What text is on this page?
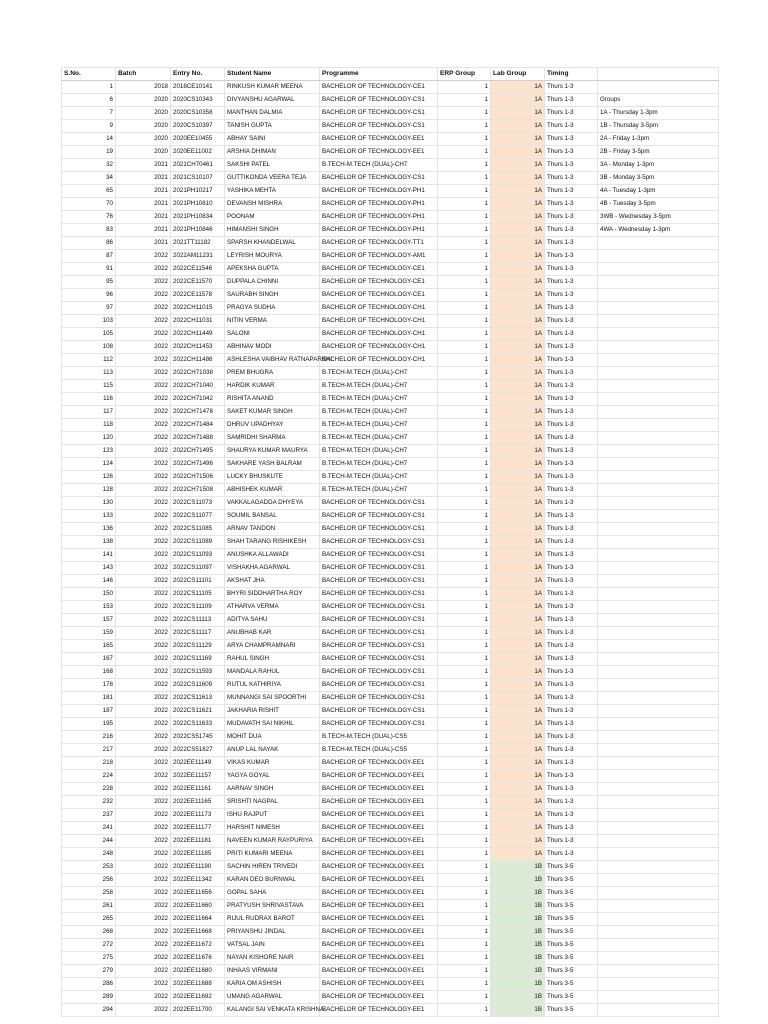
S.No.	Batch	Entry No.	Student Name	Programme	ERP Group	Lab Group	Timing	
1	2018	2018CE10141	RINKUSH KUMAR MEENA	BACHELOR OF TECHNOLOGY-CE1	1	1A	Thurs 1-3	
6	2020	2020CS10343	DIVYANSHU AGARWAL	BACHELOR OF TECHNOLOGY-CS1	1	1A	Thurs 1-3	Groups
7	2020	2020CS10358	MANTHAN DALMIA	BACHELOR OF TECHNOLOGY-CS1	1	1A	Thurs 1-3	1A - Thursday 1-3pm
9	2020	2020CS10397	TANISH GUPTA	BACHELOR OF TECHNOLOGY-CS1	1	1A	Thurs 1-3	1B - Thursday 3-5pm
14	2020	2020EE10455	ABHAY SAINI	BACHELOR OF TECHNOLOGY-EE1	1	1A	Thurs 1-3	2A - Friday 1-3pm
19	2020	2020EE11002	ARSHIA DHIMAN	BACHELOR OF TECHNOLOGY-EE1	1	1A	Thurs 1-3	2B - Friday 3-5pm
32	2021	2021CH70461	SAKSHI PATEL	B.TECH-M.TECH (DUAL)-CH7	1	1A	Thurs 1-3	3A - Monday 1-3pm
34	2021	2021CS10107	GUTTIKONDA VEERA TEJA	BACHELOR OF TECHNOLOGY-CS1	1	1A	Thurs 1-3	3B - Monday 3-5pm
65	2021	2021PH10217	YASHIKA MEHTA	BACHELOR OF TECHNOLOGY-PH1	1	1A	Thurs 1-3	4A - Tuesday 1-3pm
70	2021	2021PH10810	DEVANSH MISHRA	BACHELOR OF TECHNOLOGY-PH1	1	1A	Thurs 1-3	4B - Tuesday 3-5pm
76	2021	2021PH10834	POONAM	BACHELOR OF TECHNOLOGY-PH1	1	1A	Thurs 1-3	3WB - Wednesday 3-5pm
83	2021	2021PH10846	HIMANSHI SINGH	BACHELOR OF TECHNOLOGY-PH1	1	1A	Thurs 1-3	4WA - Wednesday 1-3pm
86	2021	2021TT11182	SPARSH KHANDELWAL	BACHELOR OF TECHNOLOGY-TT1	1	1A	Thurs 1-3	
87	2022	2022AM11231	LEYRISH MOURYA	BACHELOR OF TECHNOLOGY-AM1	1	1A	Thurs 1-3	
91	2022	2022CE11546	APEKSHA GUPTA	BACHELOR OF TECHNOLOGY-CE1	1	1A	Thurs 1-3	
95	2022	2022CE11570	DUPPALA CHINNI	BACHELOR OF TECHNOLOGY-CE1	1	1A	Thurs 1-3	
96	2022	2022CE11578	SAURABH SINGH	BACHELOR OF TECHNOLOGY-CE1	1	1A	Thurs 1-3	
97	2022	2022CH11015	PRAGYA SUDHA	BACHELOR OF TECHNOLOGY-CH1	1	1A	Thurs 1-3	
103	2022	2022CH11031	NITIN VERMA	BACHELOR OF TECHNOLOGY-CH1	1	1A	Thurs 1-3	
105	2022	2022CH11449	SALONI	BACHELOR OF TECHNOLOGY-CH1	1	1A	Thurs 1-3	
108	2022	2022CH11453	ABHINAV MODI	BACHELOR OF TECHNOLOGY-CH1	1	1A	Thurs 1-3	
112	2022	2022CH11486	ASHLESHA VAIBHAV RATNAPARKHI	BACHELOR OF TECHNOLOGY-CH1	1	1A	Thurs 1-3	
113	2022	2022CH71038	PREM BHUGRA	B.TECH-M.TECH (DUAL)-CH7	1	1A	Thurs 1-3	
115	2022	2022CH71040	HARDIK KUMAR	B.TECH-M.TECH (DUAL)-CH7	1	1A	Thurs 1-3	
116	2022	2022CH71042	RISHITA ANAND	B.TECH-M.TECH (DUAL)-CH7	1	1A	Thurs 1-3	
117	2022	2022CH71478	SAKET KUMAR SINGH	B.TECH-M.TECH (DUAL)-CH7	1	1A	Thurs 1-3	
118	2022	2022CH71484	DHRUV UPADHYAY	B.TECH-M.TECH (DUAL)-CH7	1	1A	Thurs 1-3	
120	2022	2022CH71488	SAMRIDHI SHARMA	B.TECH-M.TECH (DUAL)-CH7	1	1A	Thurs 1-3	
123	2022	2022CH71495	SHAURYA KUMAR MAURYA	B.TECH-M.TECH (DUAL)-CH7	1	1A	Thurs 1-3	
124	2022	2022CH71496	SAKHARE YASH BALRAM	B.TECH-M.TECH (DUAL)-CH7	1	1A	Thurs 1-3	
126	2022	2022CH71506	LUCKY BHUSKUTE	B.TECH-M.TECH (DUAL)-CH7	1	1A	Thurs 1-3	
128	2022	2022CH71508	ABHISHEK KUMAR	B.TECH-M.TECH (DUAL)-CH7	1	1A	Thurs 1-3	
130	2022	2022CS11073	VAKKALAGADDA DHYEYA	BACHELOR OF TECHNOLOGY-CS1	1	1A	Thurs 1-3	
133	2022	2022CS11077	SOUMIL BANSAL	BACHELOR OF TECHNOLOGY-CS1	1	1A	Thurs 1-3	
136	2022	2022CS11085	ARNAV TANDON	BACHELOR OF TECHNOLOGY-CS1	1	1A	Thurs 1-3	
138	2022	2022CS11089	SHAH TARANG RISHIKESH	BACHELOR OF TECHNOLOGY-CS1	1	1A	Thurs 1-3	
141	2022	2022CS11093	ANUSHKA ALLAWADI	BACHELOR OF TECHNOLOGY-CS1	1	1A	Thurs 1-3	
143	2022	2022CS11097	VISHAKHA AGARWAL	BACHELOR OF TECHNOLOGY-CS1	1	1A	Thurs 1-3	
146	2022	2022CS11101	AKSHAT JHA	BACHELOR OF TECHNOLOGY-CS1	1	1A	Thurs 1-3	
150	2022	2022CS11105	BHYRI SIDDHARTHA ROY	BACHELOR OF TECHNOLOGY-CS1	1	1A	Thurs 1-3	
153	2022	2022CS11109	ATHARVA VERMA	BACHELOR OF TECHNOLOGY-CS1	1	1A	Thurs 1-3	
157	2022	2022CS11113	ADITYA SAHU	BACHELOR OF TECHNOLOGY-CS1	1	1A	Thurs 1-3	
159	2022	2022CS11117	ANUBHAB KAR	BACHELOR OF TECHNOLOGY-CS1	1	1A	Thurs 1-3	
165	2022	2022CS11129	ARYA CHAMPRAMNARI	BACHELOR OF TECHNOLOGY-CS1	1	1A	Thurs 1-3	
167	2022	2022CS11169	RAHUL SINGH	BACHELOR OF TECHNOLOGY-CS1	1	1A	Thurs 1-3	
168	2022	2022CS11593	MANDALA RAHUL	BACHELOR OF TECHNOLOGY-CS1	1	1A	Thurs 1-3	
178	2022	2022CS11609	RUTUL KATHIRIYA	BACHELOR OF TECHNOLOGY-CS1	1	1A	Thurs 1-3	
181	2022	2022CS11613	MUNNANGI SAI SPOORTHI	BACHELOR OF TECHNOLOGY-CS1	1	1A	Thurs 1-3	
187	2022	2022CS11621	JAKHARIA RISHIT	BACHELOR OF TECHNOLOGY-CS1	1	1A	Thurs 1-3	
195	2022	2022CS11633	MUDAVATH SAI NIKHIL	BACHELOR OF TECHNOLOGY-CS1	1	1A	Thurs 1-3	
216	2022	2022CS51745	MOHIT DUA	B.TECH-M.TECH (DUAL)-CS5	1	1A	Thurs 1-3	
217	2022	2022CS51827	ANUP LAL NAYAK	B.TECH-M.TECH (DUAL)-CS5	1	1A	Thurs 1-3	
218	2022	2022EE11149	VIKAS KUMAR	BACHELOR OF TECHNOLOGY-EE1	1	1A	Thurs 1-3	
224	2022	2022EE11157	YAGYA GOYAL	BACHELOR OF TECHNOLOGY-EE1	1	1A	Thurs 1-3	
228	2022	2022EE11161	AARNAV SINGH	BACHELOR OF TECHNOLOGY-EE1	1	1A	Thurs 1-3	
232	2022	2022EE11165	SRISHTI NAGPAL	BACHELOR OF TECHNOLOGY-EE1	1	1A	Thurs 1-3	
237	2022	2022EE11173	ISHU RAJPUT	BACHELOR OF TECHNOLOGY-EE1	1	1A	Thurs 1-3	
241	2022	2022EE11177	HARSHIT NIMESH	BACHELOR OF TECHNOLOGY-EE1	1	1A	Thurs 1-3	
244	2022	2022EE11181	NAVEEN KUMAR RAYPURIYA	BACHELOR OF TECHNOLOGY-EE1	1	1A	Thurs 1-3	
248	2022	2022EE11185	PRITI KUMARI MEENA	BACHELOR OF TECHNOLOGY-EE1	1	1A	Thurs 1-3	
253	2022	2022EE11190	SACHIN HIREN TRIVEDI	BACHELOR OF TECHNOLOGY-EE1	1	1B	Thurs 3-5	
256	2022	2022EE11342	KARAN DEO BURNWAL	BACHELOR OF TECHNOLOGY-EE1	1	1B	Thurs 3-5	
258	2022	2022EE11656	GOPAL SAHA	BACHELOR OF TECHNOLOGY-EE1	1	1B	Thurs 3-5	
261	2022	2022EE11660	PRATYUSH SHRIVASTAVA	BACHELOR OF TECHNOLOGY-EE1	1	1B	Thurs 3-5	
265	2022	2022EE11664	RIJUL RUDRAX BAROT	BACHELOR OF TECHNOLOGY-EE1	1	1B	Thurs 3-5	
268	2022	2022EE11668	PRIYANSHU JINDAL	BACHELOR OF TECHNOLOGY-EE1	1	1B	Thurs 3-5	
272	2022	2022EE11672	VATSAL JAIN	BACHELOR OF TECHNOLOGY-EE1	1	1B	Thurs 3-5	
275	2022	2022EE11676	NAYAN KISHORE NAIR	BACHELOR OF TECHNOLOGY-EE1	1	1B	Thurs 3-5	
279	2022	2022EE11680	INHAAS VIRMANI	BACHELOR OF TECHNOLOGY-EE1	1	1B	Thurs 3-5	
286	2022	2022EE11688	KARIA OM ASHISH	BACHELOR OF TECHNOLOGY-EE1	1	1B	Thurs 3-5	
289	2022	2022EE11692	UMANG AGARWAL	BACHELOR OF TECHNOLOGY-EE1	1	1B	Thurs 3-5	
294	2022	2022EE11700	KALANGI SAI VENKATA KRISHNA	BACHELOR OF TECHNOLOGY-EE1	1	1B	Thurs 3-5	
